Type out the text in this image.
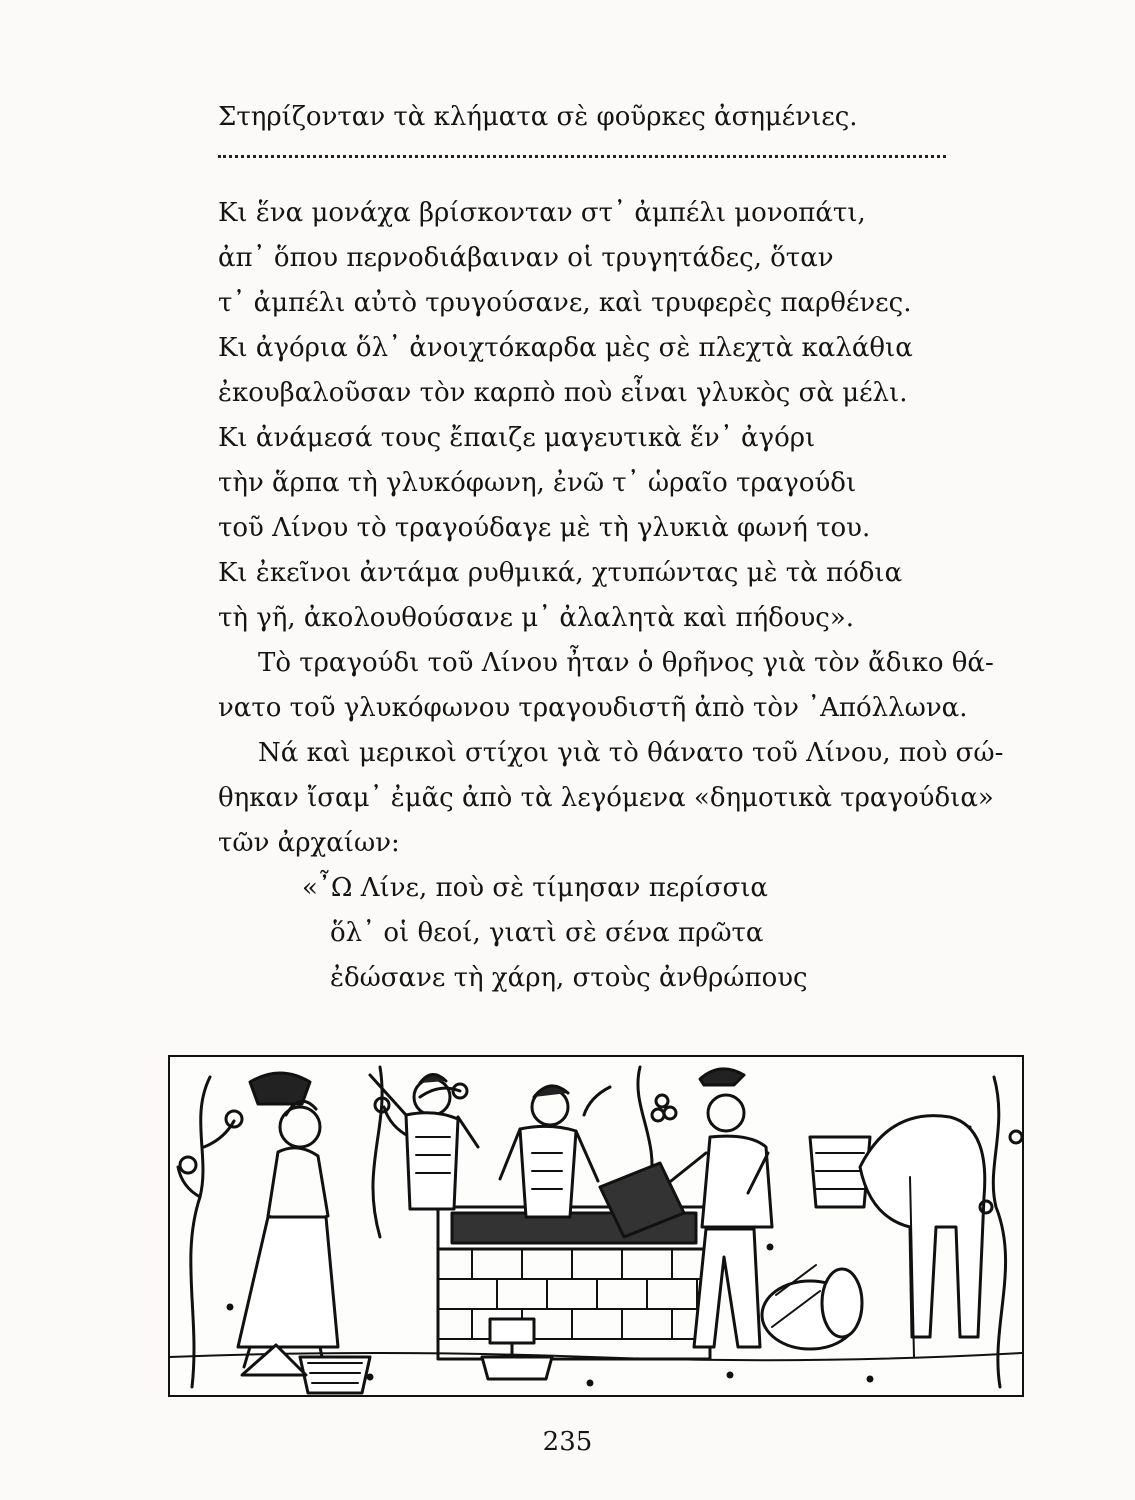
Στηρίζονταν τὰ κλήματα σὲ φοῦρκες ἀσημένιες.
Κι ἕνα μονάχα βρίσκονταν στ᾽ ἀμπέλι μονοπάτι,
ἀπ᾽ ὅπου περνοδιάβαιναν οἱ τρυγητάδες, ὅταν
τ᾽ ἀμπέλι αὐτὸ τρυγούσανε, καὶ τρυφερὲς παρθένες.
Κι ἀγόρια ὅλ᾽ ἀνοιχτόκαρδα μὲς σὲ πλεχτὰ καλάθια
ἐκουβαλοῦσαν τὸν καρπὸ ποὺ εἶναι γλυκὸς σὰ μέλι.
Κι ἀνάμεσά τους ἔπαιζε μαγευτικὰ ἕν᾽ ἀγόρι
τὴν ἅρπα τὴ γλυκόφωνη, ἐνῶ τ᾽ ὡραῖο τραγούδι
τοῦ Λίνου τὸ τραγούδαγε μὲ τὴ γλυκιὰ φωνή του.
Κι ἐκεῖνοι ἀντάμα ρυθμικά, χτυπώντας μὲ τὰ πόδια
τὴ γῆ, ἀκολουθούσανε μ᾽ ἀλαλητὰ καὶ πήδους».
Τὸ τραγούδι τοῦ Λίνου ἦταν ὁ θρῆνος γιὰ τὸν ἄδικο θά-
νατο τοῦ γλυκόφωνου τραγουδιστῆ ἀπὸ τὸν ᾽Απόλλωνα.
Νά καὶ μερικοὶ στίχοι γιὰ τὸ θάνατο τοῦ Λίνου, ποὺ σώ-
θηκαν ἴσαμ᾽ ἐμᾶς ἀπὸ τὰ λεγόμενα «δημοτικὰ τραγούδια»
τῶν ἀρχαίων:
«῏Ω Λίνε, ποὺ σὲ τίμησαν περίσσια
ὅλ᾽ οἱ θεοί, γιατὶ σὲ σένα πρῶτα
ἐδώσανε τὴ χάρη, στοὺς ἀνθρώπους
235
